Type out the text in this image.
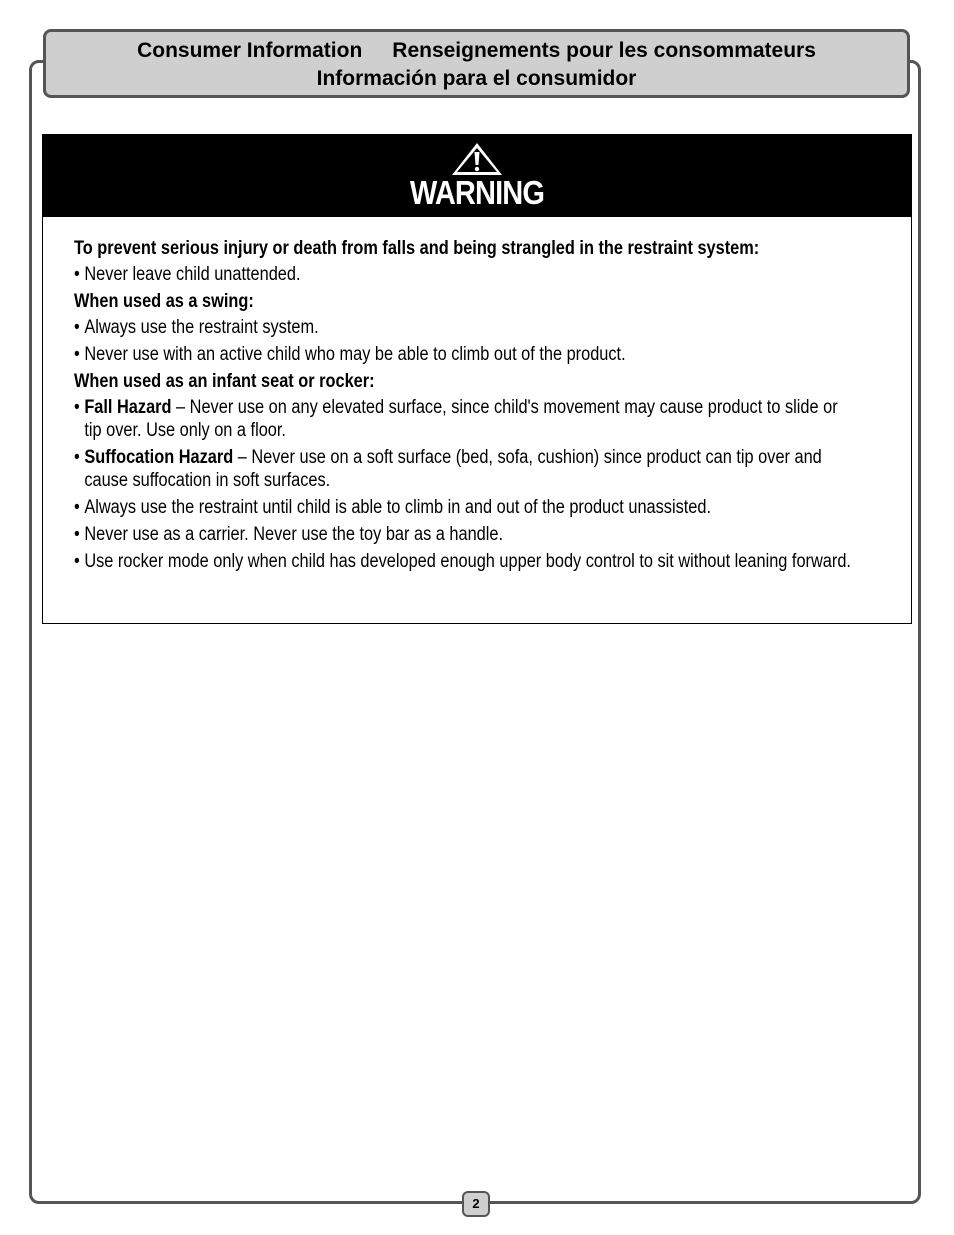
Consumer Information Renseignements pour les consommateurs
Información para el consumidor
WARNING
To prevent serious injury or death from falls and being strangled in the restraint system:
• Never leave child unattended.
When used as a swing:
• Always use the restraint system.
• Never use with an active child who may be able to climb out of the product.
When used as an infant seat or rocker:
• Fall Hazard – Never use on any elevated surface, since child's movement may cause product to slide or tip over. Use only on a floor.
• Suffocation Hazard – Never use on a soft surface (bed, sofa, cushion) since product can tip over and cause suffocation in soft surfaces.
• Always use the restraint until child is able to climb in and out of the product unassisted.
• Never use as a carrier. Never use the toy bar as a handle.
• Use rocker mode only when child has developed enough upper body control to sit without leaning forward.
2
